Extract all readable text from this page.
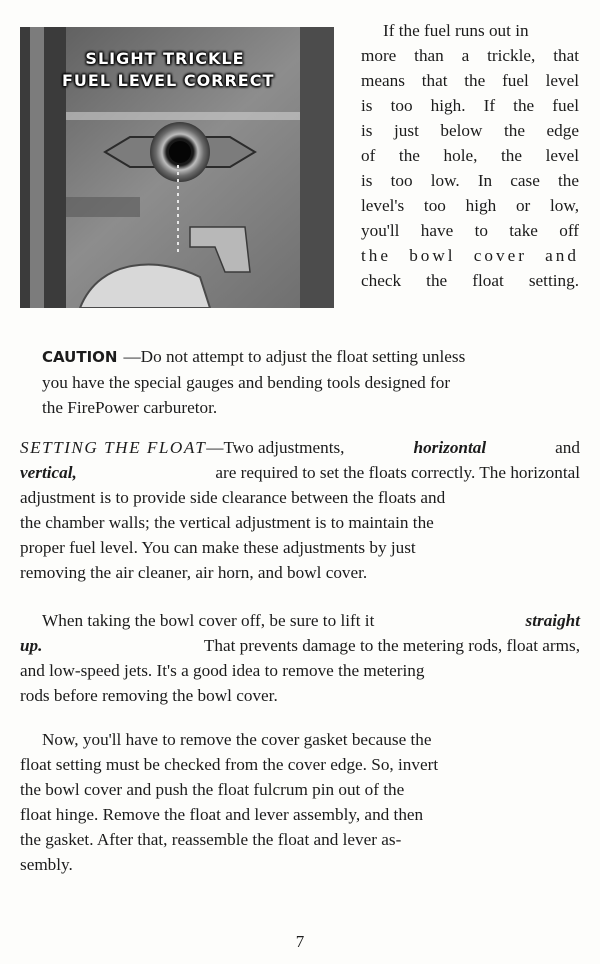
SLIGHT TRICKLE
FUEL LEVEL CORRECT
If the fuel runs out in
more than a trickle, that
means that the fuel level
is too high. If the fuel
is just below the edge
of the hole, the level
is too low. In case the
level's too high or low,
you'll have to take off
the bowl cover and
check the float setting.
CAUTION —Do not attempt to adjust the float setting unless
you have the special gauges and bending tools designed for
the FirePower carburetor.
SETTING THE FLOAT—Two adjustments,	horizontal	and
vertical,	are required to set the floats correctly. The horizontal
adjustment is to provide side clearance between the floats and
the chamber walls; the vertical adjustment is to maintain the
proper fuel level. You can make these adjustments by just
removing the air cleaner, air horn, and bowl cover.
When taking the bowl cover off, be sure to lift it	straight
up.	That prevents damage to the metering rods, float arms,
and low-speed jets. It's a good idea to remove the metering
rods before removing the bowl cover.
Now, you'll have to remove the cover gasket because the
float setting must be checked from the cover edge. So, invert
the bowl cover and push the float fulcrum pin out of the
float hinge. Remove the float and lever assembly, and then
the gasket. After that, reassemble the float and lever as-
sembly.
7
